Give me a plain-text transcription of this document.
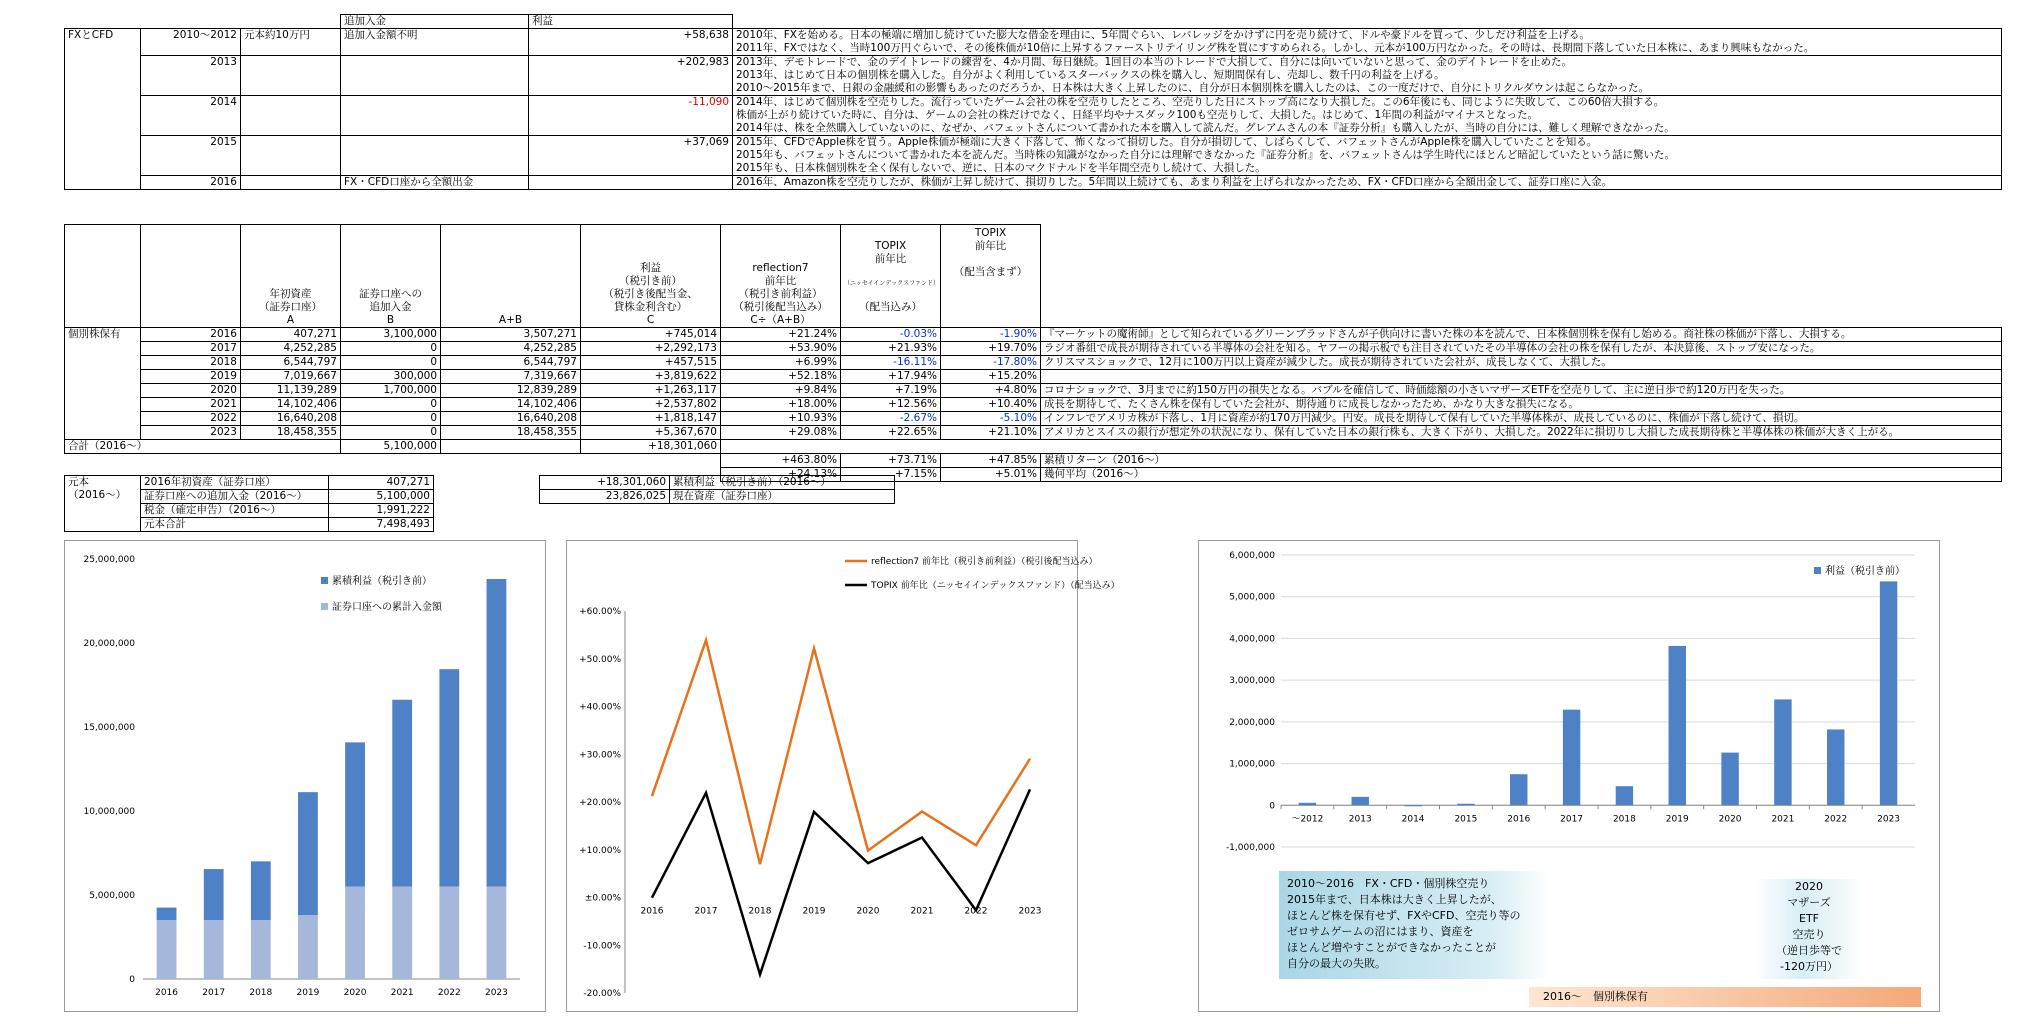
			追加入金	利益	
FXとCFD	2010～2012	元本約10万円	追加入金額不明	+58,638	2010年、FXを始める。日本の極端に増加し続けていた膨大な借金を理由に、5年間ぐらい、レバレッジをかけずに円を売り続けて、ドルや豪ドルを買って、少しだけ利益を上げる。
					2011年、FXではなく、当時100万円ぐらいで、その後株価が10倍に上昇するファーストリテイリング株を買にすすめられる。しかし、元本が100万円なかった。その時は、長期間下落していた日本株に、あまり興味もなかった。
	2013			+202,983	2013年、デモトレードで、金のデイトレードの練習を、4か月間、毎日継続。1回目の本当のトレードで大損して、自分には向いていないと思って、金のデイトレードを止めた。
					2013年、はじめて日本の個別株を購入した。自分がよく利用しているスターバックスの株を購入し、短期間保有し、売却し、数千円の利益を上げる。
					2010～2015年まで、日銀の金融緩和の影響もあったのだろうか、日本株は大きく上昇したのに、自分が日本個別株を購入したのは、この一度だけで、自分にトリクルダウンは起こらなかった。
	2014			-11,090	2014年、はじめて個別株を空売りした。流行っていたゲーム会社の株を空売りしたところ、空売りした日にストップ高になり大損した。この6年後にも、同じように失敗して、この60倍大損する。
					株価が上がり続けていた時に、自分は、ゲームの会社の株だけでなく、日経平均やナスダック100も空売りして、大損した。はじめて、1年間の利益がマイナスとなった。
					2014年は、株を全然購入していないのに、なぜか、バフェットさんについて書かれた本を購入して読んだ。グレアムさんの本『証券分析』も購入したが、当時の自分には、難しく理解できなかった。
	2015			+37,069	2015年、CFDでApple株を買う。Apple株価が極端に大きく下落して、怖くなって損切した。自分が損切して、しばらくして、バフェットさんがApple株を購入していたことを知る。
					2015年も、バフェットさんについて書かれた本を読んだ。当時株の知識がなかった自分には理解できなかった『証券分析』を、バフェットさんは学生時代にほとんど暗記していたという話に驚いた。
					2015年も、日本株個別株を全く保有しないで、逆に、日本のマクドナルドを半年間空売りし続けて、大損した。
	2016		FX・CFD口座から全額出金		2016年、Amazon株を空売りしたが、株価が上昇し続けて、損切りした。5年間以上続けても、あまり利益を上げられなかったため、FX・CFD口座から全額出金して、証券口座に入金。
		年初資産
（証券口座）
A	証券口座への
追加入金
B	A+B	利益
（税引き前）
（税引き後配当金、
貸株金利含む）
C	reflection7
前年比
（税引き前利益）
（税引後配当込み）
C÷（A+B）	TOPIX
前年比

（ニッセイインデックスファンド）

（配当込み）	TOPIX
前年比

（配当含まず）	
個別株保有	2016	407,271	3,100,000	3,507,271	+745,014	+21.24%	-0.03%	-1.90%	『マーケットの魔術師』として知られているグリーンブラッドさんが子供向けに書いた株の本を読んで、日本株個別株を保有し始める。商社株の株価が下落し、大損する。
	2017	4,252,285	0	4,252,285	+2,292,173	+53.90%	+21.93%	+19.70%	ラジオ番組で成長が期待されている半導体の会社を知る。ヤフーの掲示板でも注目されていたその半導体の会社の株を保有したが、本決算後、ストップ安になった。
	2018	6,544,797	0	6,544,797	+457,515	+6.99%	-16.11%	-17.80%	クリスマスショックで、12月に100万円以上資産が減少した。成長が期待されていた会社が、成長しなくて、大損した。
	2019	7,019,667	300,000	7,319,667	+3,819,622	+52.18%	+17.94%	+15.20%	
	2020	11,139,289	1,700,000	12,839,289	+1,263,117	+9.84%	+7.19%	+4.80%	コロナショックで、3月までに約150万円の損失となる。バブルを確信して、時価総額の小さいマザーズETFを空売りして、主に逆日歩で約120万円を失った。
	2021	14,102,406	0	14,102,406	+2,537,802	+18.00%	+12.56%	+10.40%	成長を期待して、たくさん株を保有していた会社が、期待通りに成長しなかったため、かなり大きな損失になる。
	2022	16,640,208	0	16,640,208	+1,818,147	+10.93%	-2.67%	-5.10%	インフレでアメリカ株が下落し、1月に資産が約170万円減少。円安。成長を期待して保有していた半導体株が、成長しているのに、株価が下落し続けて、損切。
	2023	18,458,355	0	18,458,355	+5,367,670	+29.08%	+22.65%	+21.10%	アメリカとスイスの銀行が想定外の状況になり、保有していた日本の銀行株も、大きく下がり、大損した。2022年に損切りし大損した成長期待株と半導体株の株価が大きく上がる。
合計（2016～）			5,100,000		+18,301,060				
						+463.80%	+73.71%	+47.85%	累積リターン（2016～）
						+24.13%	+7.15%	+5.01%	幾何平均（2016～）
元本
（2016～）	2016年初資産（証券口座）	407,271
	証券口座への追加入金（2016～）	5,100,000
	税金（確定申告）（2016～）	1,991,222
	元本合計	7,498,493
+18,301,060	累積利益（税引き前）（2016～）
23,826,025	現在資産（証券口座）
0
5,000,000
10,000,000
15,000,000
20,000,000
25,000,000
2016	2017	2018	2019	2020	2021	2022	2023
累積利益（税引き前）
証券口座への累計入金額
-20.00%
-10.00%
±0.00%
+10.00%
+20.00%
+30.00%
+40.00%
+50.00%
+60.00%
2016	2017	2018	2019	2020	2021	2022	2023
reflection7 前年比（税引き前利益）（税引後配当込み）
TOPIX 前年比（ニッセイインデックスファンド）（配当込み）
-1,000,000
0
1,000,000
2,000,000
3,000,000
4,000,000
5,000,000
6,000,000
～2012	2013	2014	2015	2016	2017	2018	2019	2020	2021	2022	2023
利益（税引き前）
2010～2016　FX・CFD・個別株空売り
2015年まで、日本株は大きく上昇したが、
ほとんど株を保有せず、FXやCFD、空売り等の
ゼロサムゲームの沼にはまり、資産を
ほとんど増やすことができなかったことが
自分の最大の失敗。
2020
マザーズ
ETF
空売り
（逆日歩等で
-120万円）
2016～　個別株保有
